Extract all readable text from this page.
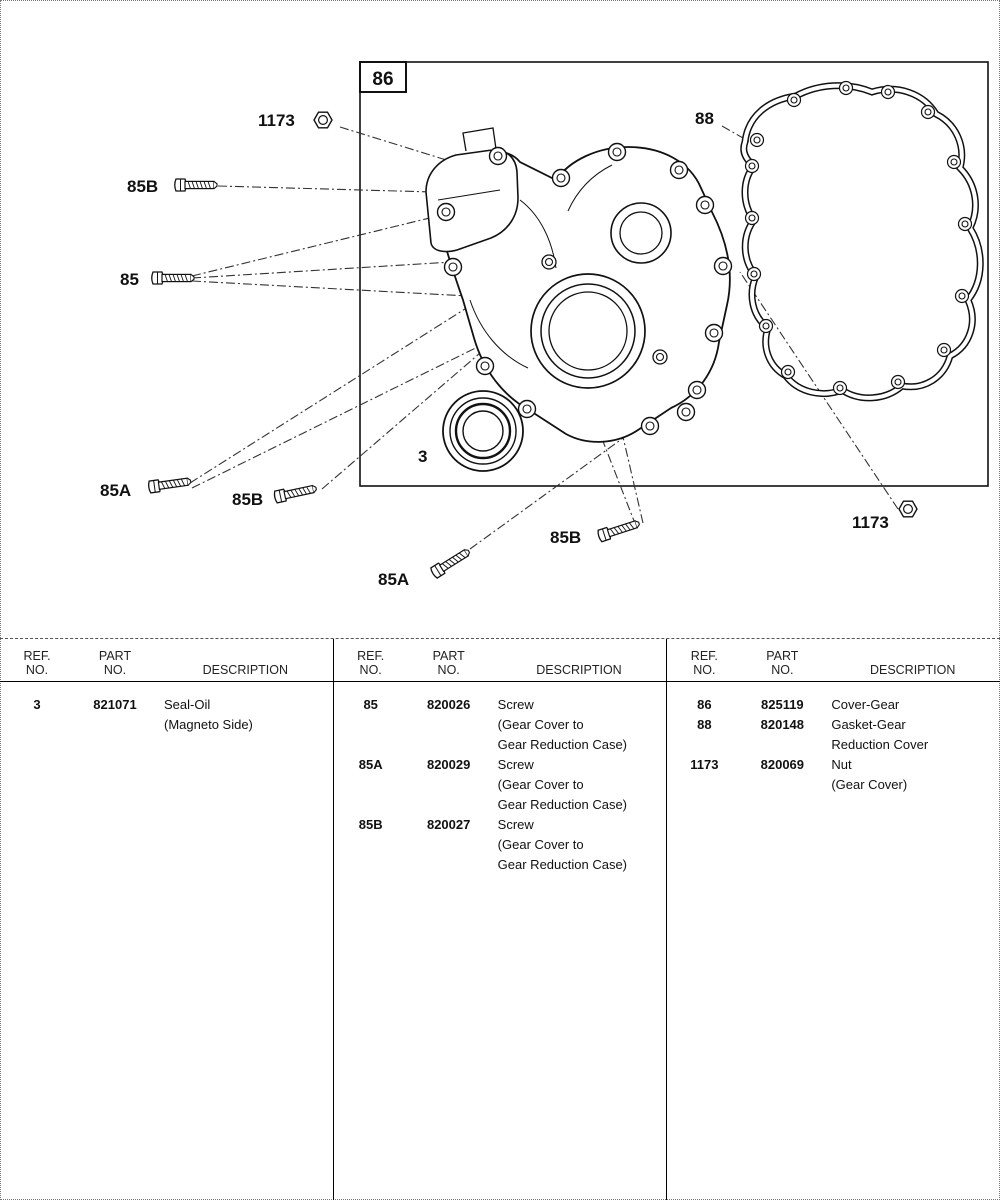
86
1173	88
85B
85
85A	85B
3
85B
85A
1173
REF.
NO.
PART
NO.	DESCRIPTION
3	821071	Seal-Oil
(Magneto Side)
REF.
NO.
PART
NO.	DESCRIPTION
85	820026	Screw
(Gear Cover to
Gear Reduction Case)
85A	820029	Screw
(Gear Cover to
Gear Reduction Case)
85B	820027	Screw
(Gear Cover to
Gear Reduction Case)
REF.
NO.
PART
NO.	DESCRIPTION
86	825119	Cover-Gear
88	820148	Gasket-Gear
Reduction Cover
1173	820069	Nut
(Gear Cover)
